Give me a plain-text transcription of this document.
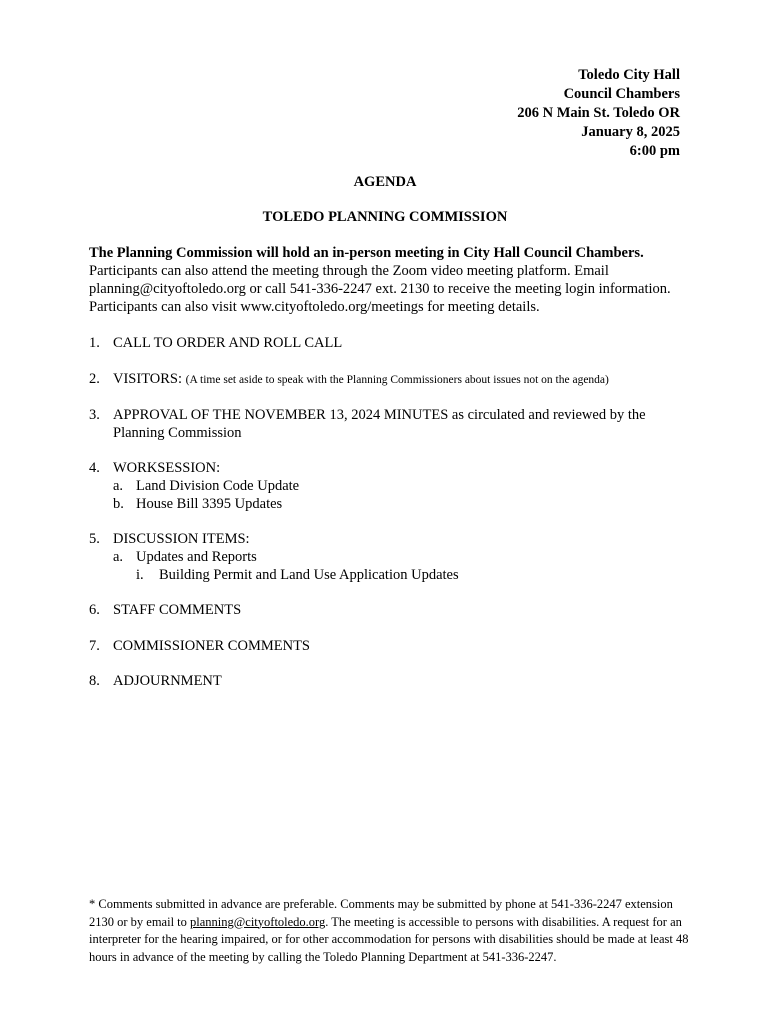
Toledo City Hall
Council Chambers
206 N Main St. Toledo OR
January 8, 2025
6:00 pm
AGENDA
TOLEDO PLANNING COMMISSION
The Planning Commission will hold an in-person meeting in City Hall Council Chambers. Participants can also attend the meeting through the Zoom video meeting platform. Email planning@cityoftoledo.org or call 541-336-2247 ext. 2130 to receive the meeting login information. Participants can also visit www.cityoftoledo.org/meetings for meeting details.
1. CALL TO ORDER AND ROLL CALL
2. VISITORS: (A time set aside to speak with the Planning Commissioners about issues not on the agenda)
3. APPROVAL OF THE NOVEMBER 13, 2024 MINUTES as circulated and reviewed by the Planning Commission
4. WORKSESSION:
a. Land Division Code Update
b. House Bill 3395 Updates
5. DISCUSSION ITEMS:
a. Updates and Reports
i. Building Permit and Land Use Application Updates
6. STAFF COMMENTS
7. COMMISSIONER COMMENTS
8. ADJOURNMENT
* Comments submitted in advance are preferable. Comments may be submitted by phone at 541-336-2247 extension 2130 or by email to planning@cityoftoledo.org. The meeting is accessible to persons with disabilities. A request for an interpreter for the hearing impaired, or for other accommodation for persons with disabilities should be made at least 48 hours in advance of the meeting by calling the Toledo Planning Department at 541-336-2247.
